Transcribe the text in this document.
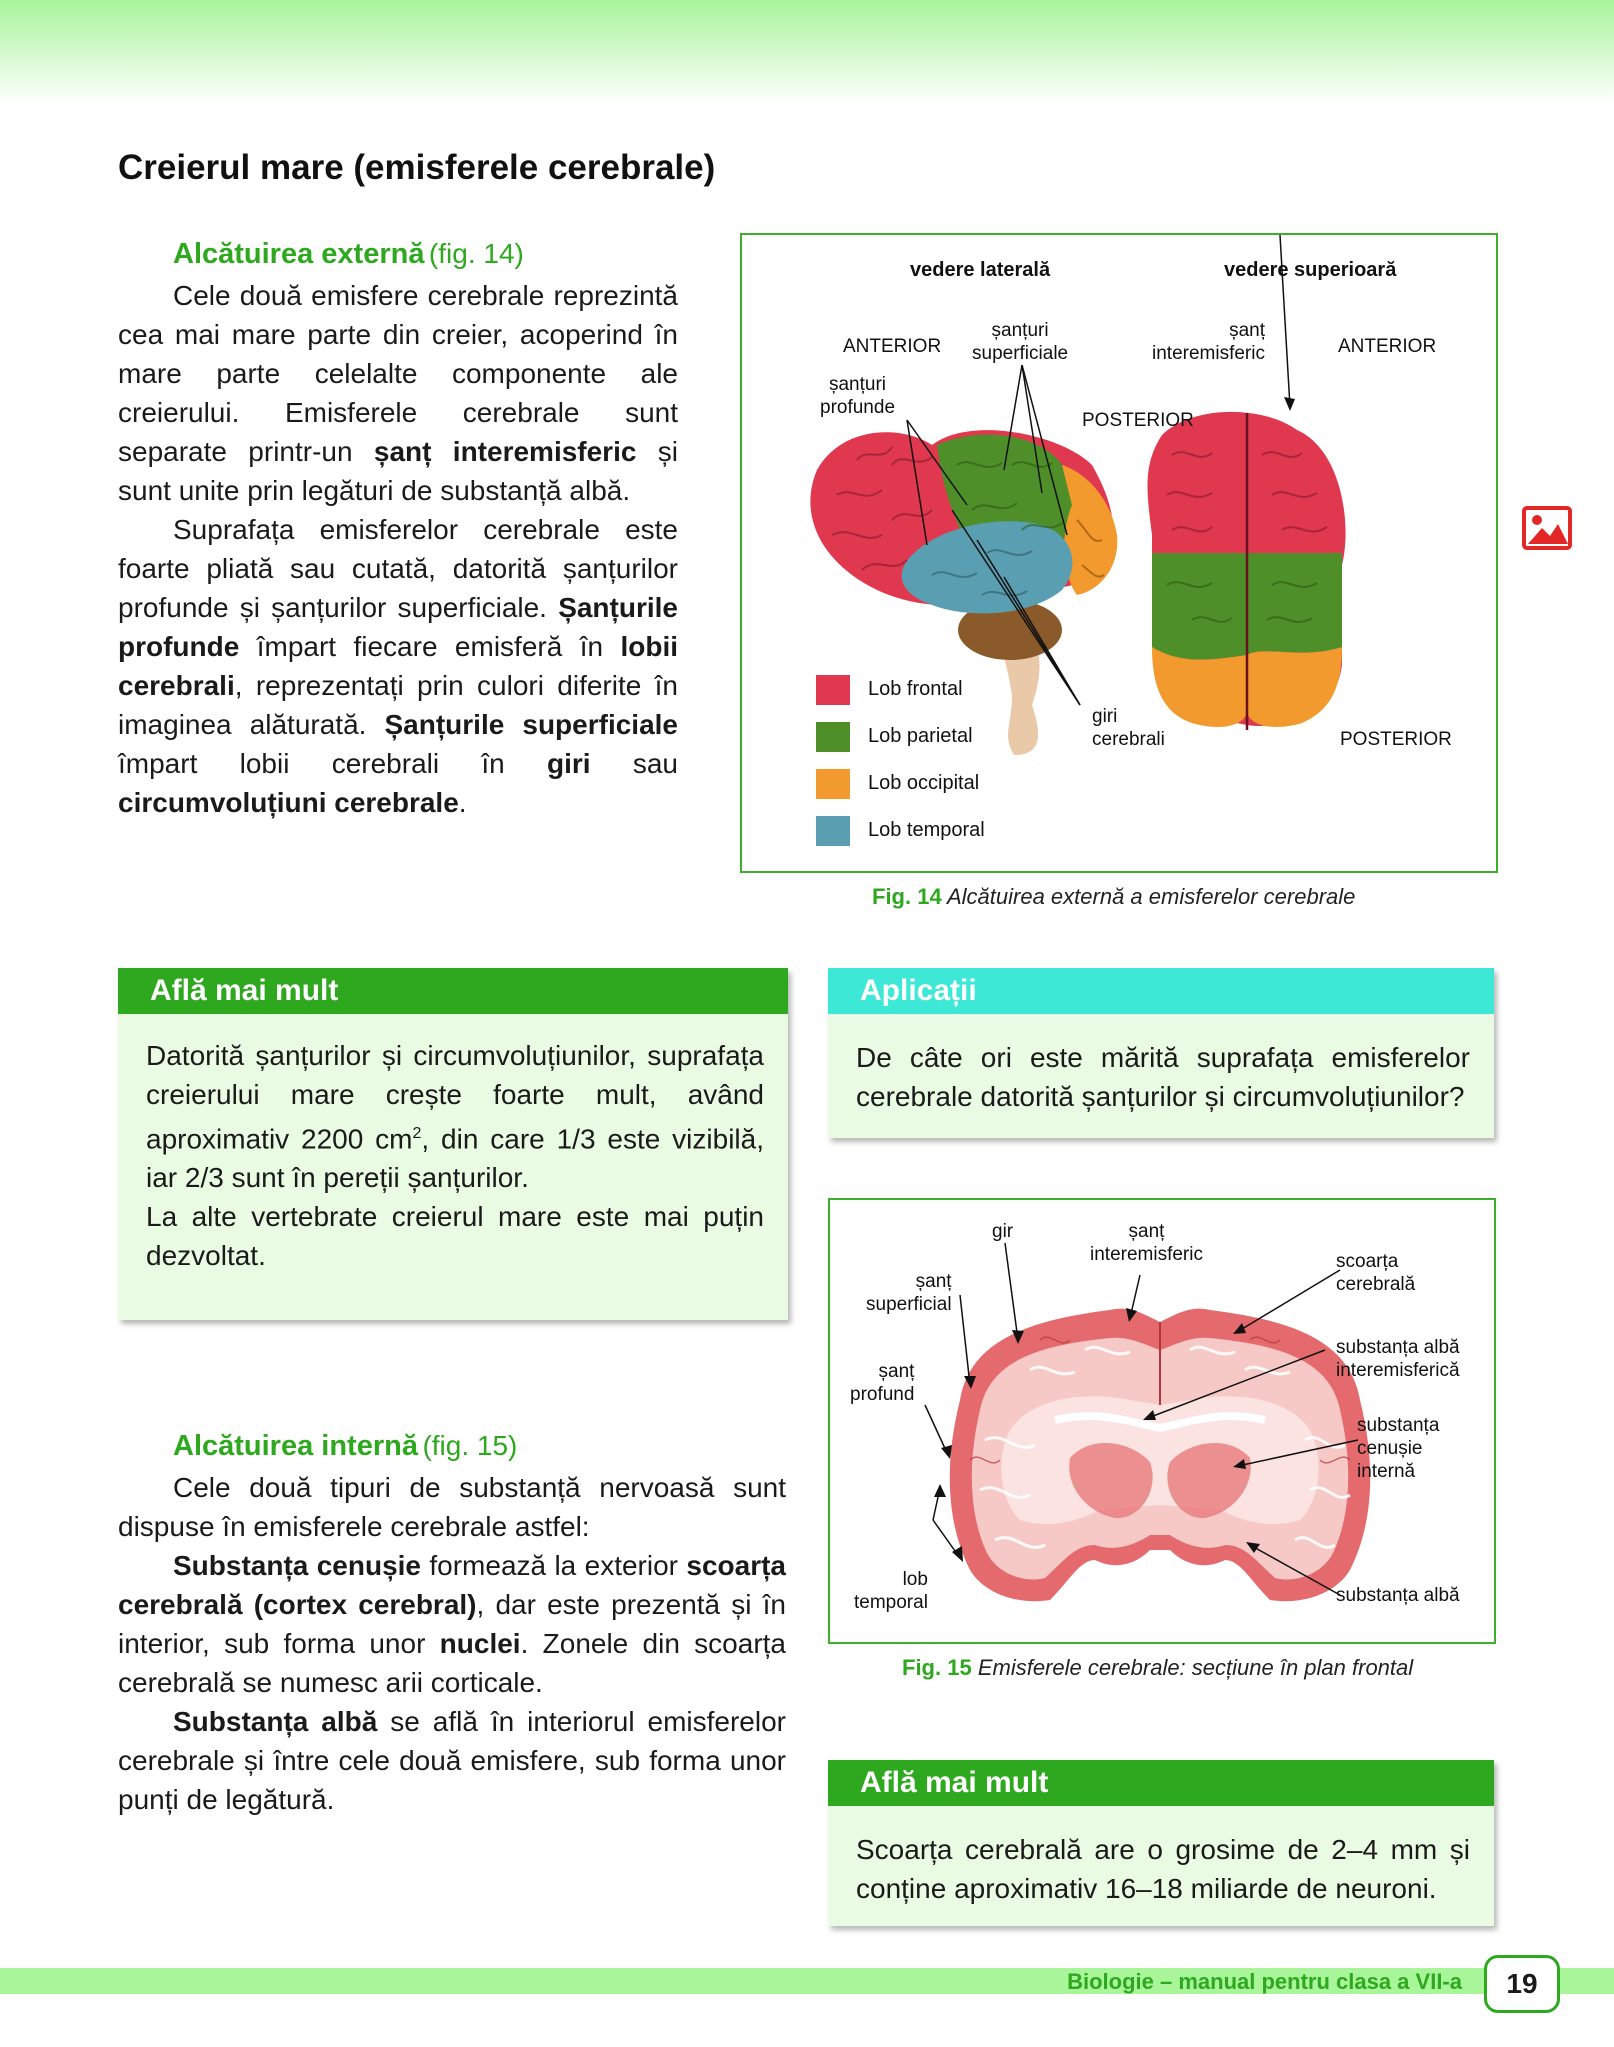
Creierul mare (emisferele cerebrale)
Alcătuirea externă (fig. 14)

Cele două emisfere cerebrale reprezintă cea mai mare parte din creier, acoperind în mare parte celelalte componente ale creierului. Emisferele cerebrale sunt separate printr-un șanț interemisferic și sunt unite prin legături de substanță albă.

Suprafața emisferelor cerebrale este foarte pliată sau cutată, datorită șanțurilor profunde și șanțurilor superficiale. Șanțurile profunde împart fiecare emisferă în lobii cerebrali, reprezentați prin culori diferite în imaginea alăturată. Șanțurile superficiale împart lobii cerebrali în giri sau circumvoluțiuni cerebrale.

vedere laterală	vedere superioară
ANTERIOR
șanțuri
profunde
șanțuri
superficiale
POSTERIOR
șanț
interemisferic	ANTERIOR
POSTERIOR
giri
cerebrali
Lob frontal
Lob parietal
Lob occipital
Lob temporal
Fig. 14 Alcătuirea externă a emisferelor cerebrale
Află mai mult
Datorită șanțurilor și circumvoluțiunilor, suprafața creierului mare crește foarte mult, având aproximativ 2200 $cm^2$, din care 1/3 este vizibilă, iar 2/3 sunt în pereții șanțurilor.
La alte vertebrate creierul mare este mai puțin dezvoltat.
Aplicații
De câte ori este mărită suprafața emisferelor cerebrale datorită șanțurilor și circumvoluțiunilor?
gir	șanț
interemisferic	scoarța
cerebrală
șanț
superficial
substanța albă
interemisferică
șanț
profund
substanța
cenușie
internă
lob
temporal	substanța albă
Fig. 15 Emisferele cerebrale: secțiune în plan frontal
Alcătuirea internă (fig. 15)

Cele două tipuri de substanță nervoasă sunt dispuse în emisferele cerebrale astfel:

Substanța cenușie formează la exterior scoarța cerebrală (cortex cerebral), dar este prezentă și în interior, sub forma unor nuclei. Zonele din scoarța cerebrală se numesc arii corticale.

Substanța albă se află în interiorul emisferelor cerebrale și între cele două emisfere, sub forma unor punți de legătură.

Află mai mult
Scoarța cerebrală are o grosime de 2–4 mm și conține aproximativ 16–18 miliarde de neuroni.
Biologie – manual pentru clasa a VII-a	19
